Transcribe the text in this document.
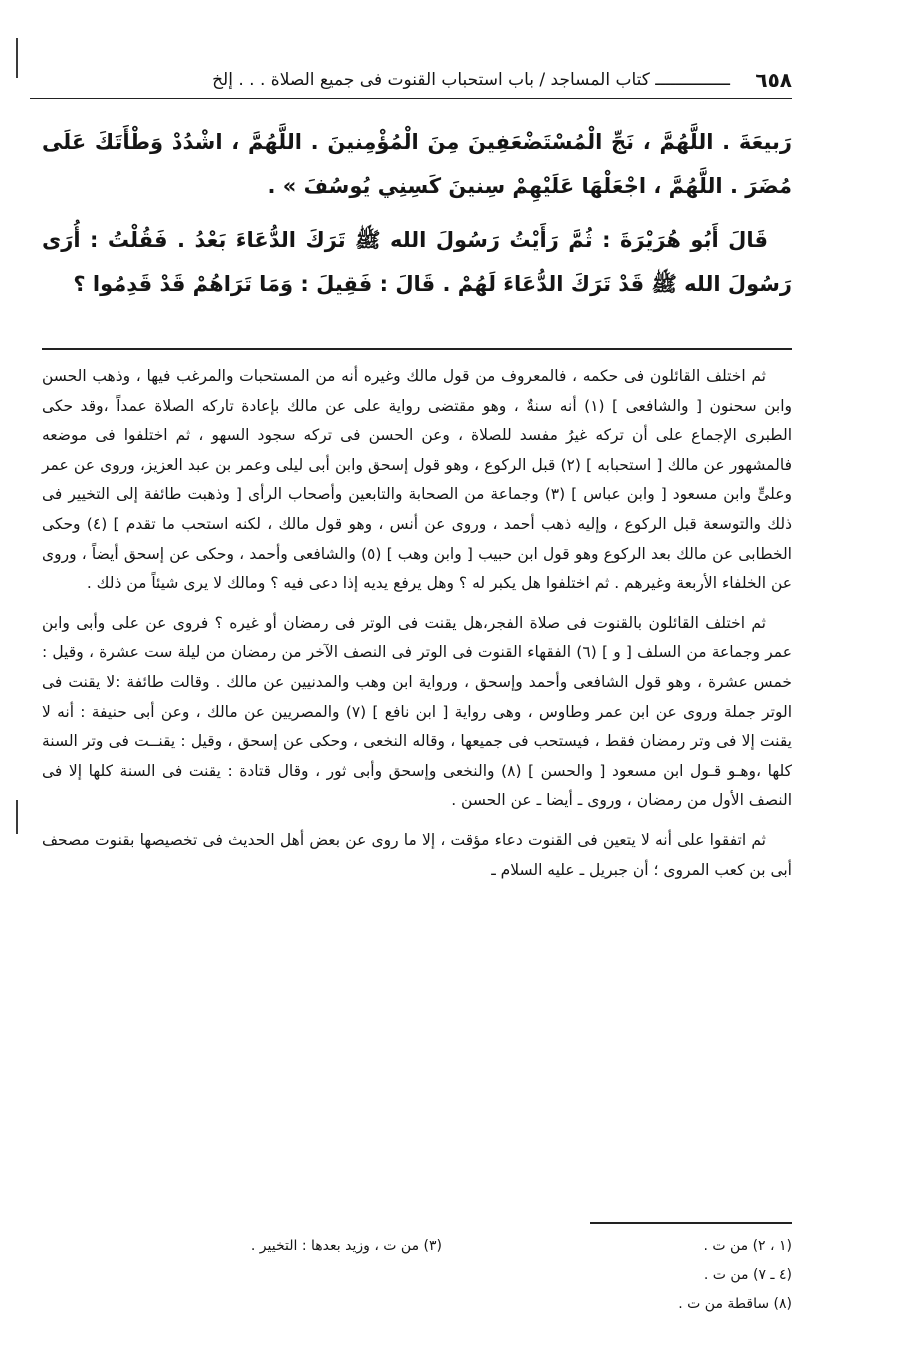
٦٥٨
ـــــــــــــــ كتاب المساجد / باب استحباب القنوت فى جميع الصلاة . . . إلخ

رَبيعَةَ . اللَّهُمَّ ، نَجِّ الْمُسْتَضْعَفِينَ مِنَ الْمُؤْمِنينَ . اللَّهُمَّ ، اشْدُدْ وَطْأَتَكَ عَلَى مُضَرَ . اللَّهُمَّ ، اجْعَلْهَا عَلَيْهِمْ سِنينَ كَسِنِي يُوسُفَ » .

قَالَ أَبُو هُرَيْرَةَ : ثُمَّ رَأَيْتُ رَسُولَ الله ﷺ تَرَكَ الدُّعَاءَ بَعْدُ . فَقُلْتُ : أُرَى رَسُولَ الله ﷺ قَدْ تَرَكَ الدُّعَاءَ لَهُمْ . قَالَ : فَقِيلَ : وَمَا تَرَاهُمْ قَدْ قَدِمُوا ؟

ثم اختلف القائلون فى حكمه ، فالمعروف من قول مالك وغيره أنه من المستحبات والمرغب فيها ، وذهب الحسن وابن سحنون [ والشافعى ] (١) أنه سنةٌ ، وهو مقتضى رواية على عن مالك بإعادة تاركه الصلاة عمداً ،وقد حكى الطبرى الإجماع على أن تركه غيرُ مفسد للصلاة ، وعن الحسن فى تركه سجود السهو ، ثم اختلفوا فى موضعه فالمشهور عن مالك [ استحبابه ] (٢) قبل الركوع ، وهو قول إسحق وابن أبى ليلى وعمر بن عبد العزيز، وروى عن عمر وعلىٍّ وابن مسعود [ وابن عباس ] (٣) وجماعة من الصحابة والتابعين وأصحاب الرأى [ وذهبت طائفة إلى التخيير فى ذلك والتوسعة قبل الركوع ، وإليه ذهب أحمد ، وروى عن أنس ، وهو قول مالك ، لكنه استحب ما تقدم ] (٤) وحكى الخطابى عن مالك بعد الركوع وهو قول ابن حبيب [ وابن وهب ] (٥) والشافعى وأحمد ، وحكى عن إسحق أيضاً ، وروى عن الخلفاء الأربعة وغيرهم . ثم اختلفوا هل يكبر له ؟ وهل يرفع يديه إذا دعى فيه ؟ ومالك لا يرى شيئاً من ذلك .

ثم اختلف القائلون بالقنوت فى صلاة الفجر،هل يقنت فى الوتر فى رمضان أو غيره ؟ فروى عن على وأبى وابن عمر وجماعة من السلف [ و ] (٦) الفقهاء القنوت فى الوتر فى النصف الآخر من رمضان من ليلة ست عشرة ، وقيل : خمس عشرة ، وهو قول الشافعى وأحمد وإسحق ، ورواية ابن وهب والمدنيين عن مالك . وقالت طائفة :لا يقنت فى الوتر جملة وروى عن ابن عمر وطاوس ، وهى رواية [ ابن نافع ] (٧) والمصريين عن مالك ، وعن أبى حنيفة : أنه لا يقنت إلا فى وتر رمضان فقط ، فيستحب فى جميعها ، وقاله النخعى ، وحكى عن إسحق ، وقيل : يقنــت فى وتر السنة كلها ،وهـو قـول ابن مسعود [ والحسن ] (٨) والنخعى وإسحق وأبى ثور ، وقال قتادة : يقنت فى السنة كلها إلا فى النصف الأول من رمضان ، وروى ـ أيضا ـ عن الحسن .

ثم اتفقوا على أنه لا يتعين فى القنوت دعاء مؤقت ، إلا ما روى عن بعض أهل الحديث فى تخصيصها بقنوت مصحف أبى بن كعب المروى ؛ أن جبريل ـ عليه السلام ـ

(١ ، ٢) من ت .
(٣) من ت ، وزيد بعدها : التخيير .
(٤ ـ ٧) من ت .
(٨) ساقطة من ت .
